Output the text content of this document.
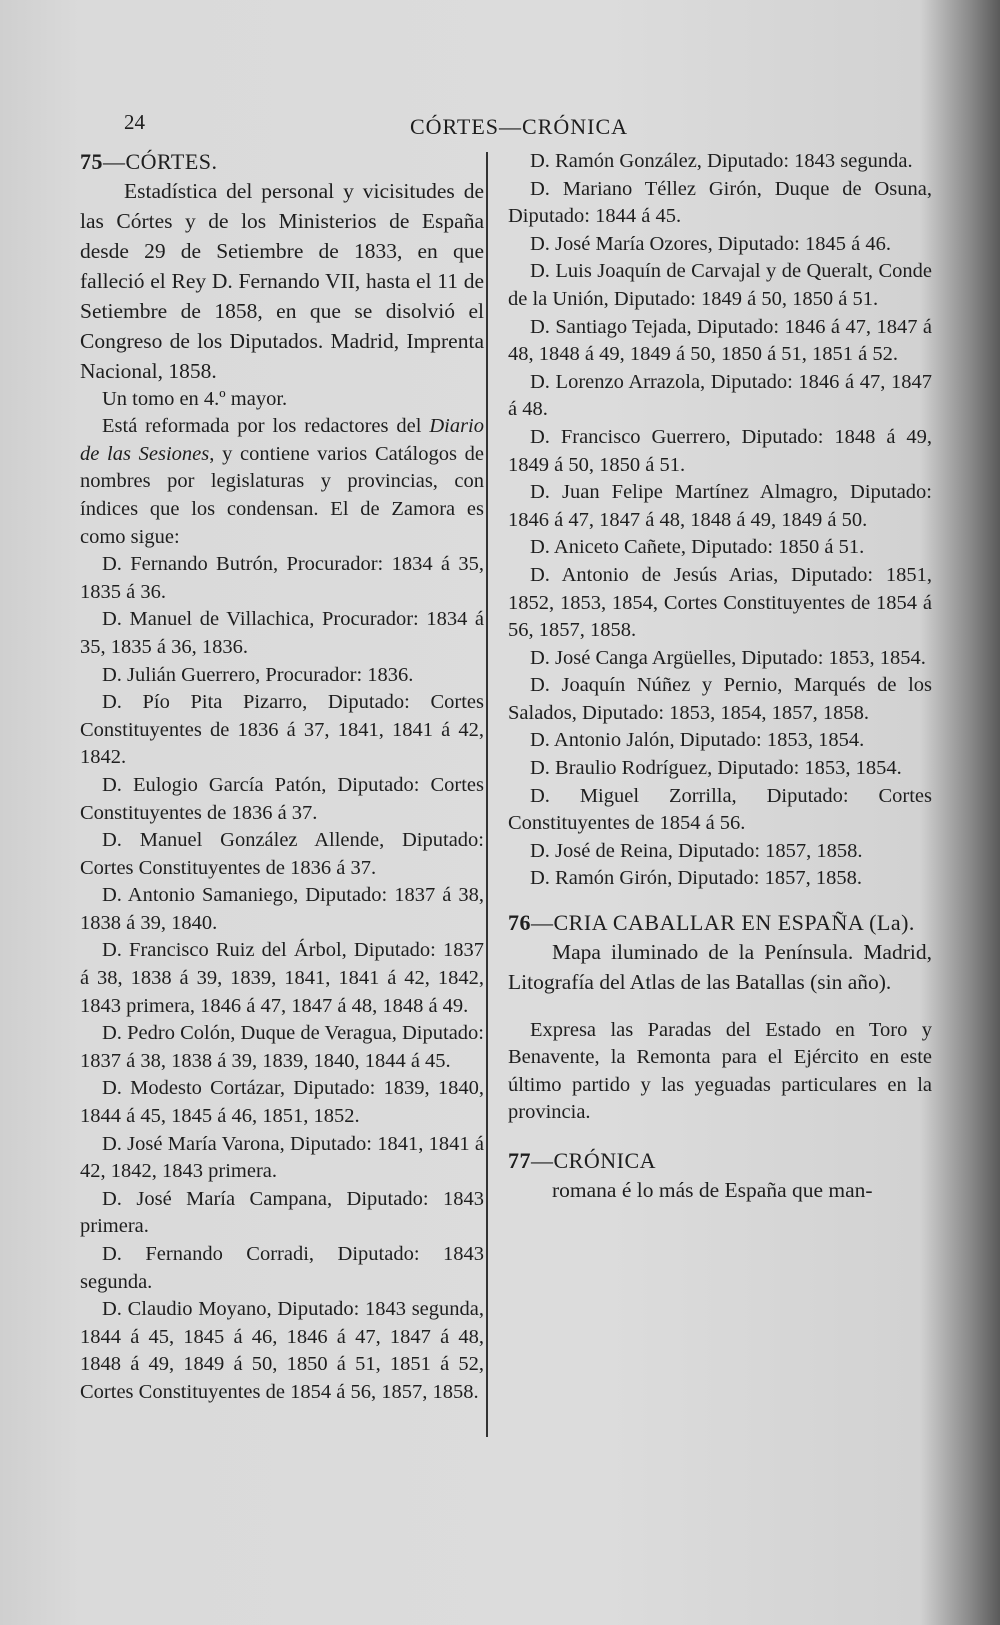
24	CÓRTES—CRÓNICA
75—CÓRTES.

Estadística del personal y vicisitudes de las Córtes y de los Ministerios de España desde 29 de Setiembre de 1833, en que falleció el Rey D. Fernando VII, hasta el 11 de Setiembre de 1858, en que se disolvió el Congreso de los Diputados. Madrid, Imprenta Nacional, 1858.

Un tomo en 4.º mayor.

Está reformada por los redactores del Diario de las Sesiones, y contiene varios Catálogos de nombres por legislaturas y provincias, con índices que los condensan. El de Zamora es como sigue:

D. Fernando Butrón, Procurador: 1834 á 35, 1835 á 36.

D. Manuel de Villachica, Procurador: 1834 á 35, 1835 á 36, 1836.

D. Julián Guerrero, Procurador: 1836.

D. Pío Pita Pizarro, Diputado: Cortes Constituyentes de 1836 á 37, 1841, 1841 á 42, 1842.

D. Eulogio García Patón, Diputado: Cortes Constituyentes de 1836 á 37.

D. Manuel González Allende, Diputado: Cortes Constituyentes de 1836 á 37.

D. Antonio Samaniego, Diputado: 1837 á 38, 1838 á 39, 1840.

D. Francisco Ruiz del Árbol, Diputado: 1837 á 38, 1838 á 39, 1839, 1841, 1841 á 42, 1842, 1843 primera, 1846 á 47, 1847 á 48, 1848 á 49.

D. Pedro Colón, Duque de Veragua, Diputado: 1837 á 38, 1838 á 39, 1839, 1840, 1844 á 45.

D. Modesto Cortázar, Diputado: 1839, 1840, 1844 á 45, 1845 á 46, 1851, 1852.

D. José María Varona, Diputado: 1841, 1841 á 42, 1842, 1843 primera.

D. José María Campana, Diputado: 1843 primera.

D. Fernando Corradi, Diputado: 1843 segunda.

D. Claudio Moyano, Diputado: 1843 segunda, 1844 á 45, 1845 á 46, 1846 á 47, 1847 á 48, 1848 á 49, 1849 á 50, 1850 á 51, 1851 á 52, Cortes Constituyentes de 1854 á 56, 1857, 1858.

D. Ramón González, Diputado: 1843 segunda.

D. Mariano Téllez Girón, Duque de Osuna, Diputado: 1844 á 45.

D. José María Ozores, Diputado: 1845 á 46.

D. Luis Joaquín de Carvajal y de Queralt, Conde de la Unión, Diputado: 1849 á 50, 1850 á 51.

D. Santiago Tejada, Diputado: 1846 á 47, 1847 á 48, 1848 á 49, 1849 á 50, 1850 á 51, 1851 á 52.

D. Lorenzo Arrazola, Diputado: 1846 á 47, 1847 á 48.

D. Francisco Guerrero, Diputado: 1848 á 49, 1849 á 50, 1850 á 51.

D. Juan Felipe Martínez Almagro, Diputado: 1846 á 47, 1847 á 48, 1848 á 49, 1849 á 50.

D. Aniceto Cañete, Diputado: 1850 á 51.

D. Antonio de Jesús Arias, Diputado: 1851, 1852, 1853, 1854, Cortes Constituyentes de 1854 á 56, 1857, 1858.

D. José Canga Argüelles, Diputado: 1853, 1854.

D. Joaquín Núñez y Pernio, Marqués de los Salados, Diputado: 1853, 1854, 1857, 1858.

D. Antonio Jalón, Diputado: 1853, 1854.

D. Braulio Rodríguez, Diputado: 1853, 1854.

D. Miguel Zorrilla, Diputado: Cortes Constituyentes de 1854 á 56.

D. José de Reina, Diputado: 1857, 1858.

D. Ramón Girón, Diputado: 1857, 1858.

76—CRIA CABALLAR EN ESPAÑA (La).

Mapa iluminado de la Península. Madrid, Litografía del Atlas de las Batallas (sin año).

Expresa las Paradas del Estado en Toro y Benavente, la Remonta para el Ejército en este último partido y las yeguadas particulares en la provincia.

77—CRÓNICA

romana é lo más de España que man-
